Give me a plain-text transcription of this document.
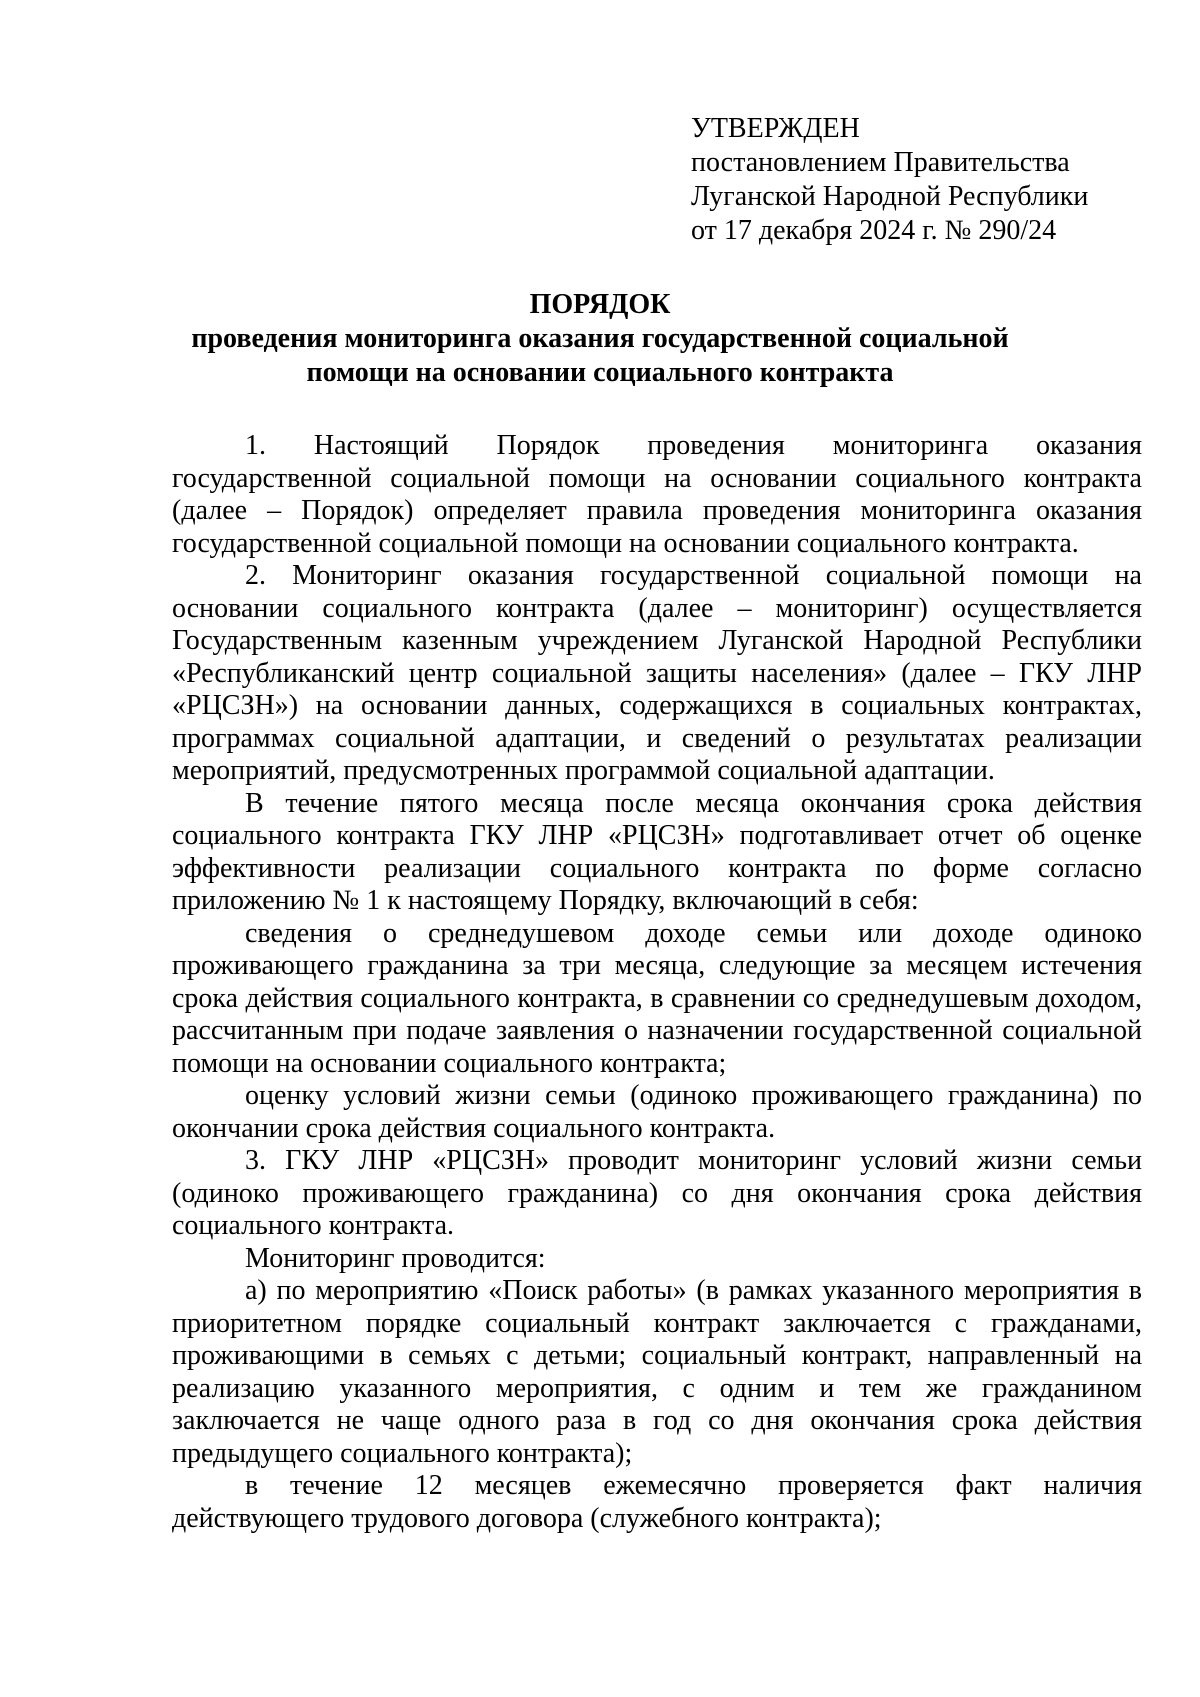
УТВЕРЖДЕН
постановлением Правительства
Луганской Народной Республики
от 17 декабря 2024 г. № 290/24
ПОРЯДОК
проведения мониторинга оказания государственной социальной
помощи на основании социального контракта

1. Настоящий Порядок проведения мониторинга оказания государственной социальной помощи на основании социального контракта (далее – Порядок) определяет правила проведения мониторинга оказания государственной социальной помощи на основании социального контракта.

2. Мониторинг оказания государственной социальной помощи на основании социального контракта (далее – мониторинг) осуществляется Государственным казенным учреждением Луганской Народной Республики «Республиканский центр социальной защиты населения» (далее – ГКУ ЛНР «РЦСЗН») на основании данных, содержащихся в социальных контрактах, программах социальной адаптации, и сведений о результатах реализации мероприятий, предусмотренных программой социальной адаптации.

В течение пятого месяца после месяца окончания срока действия социального контракта ГКУ ЛНР «РЦСЗН» подготавливает отчет об оценке эффективности реализации социального контракта по форме согласно приложению № 1 к настоящему Порядку, включающий в себя:

сведения о среднедушевом доходе семьи или доходе одиноко проживающего гражданина за три месяца, следующие за месяцем истечения срока действия социального контракта, в сравнении со среднедушевым доходом, рассчитанным при подаче заявления о назначении государственной социальной помощи на основании социального контракта;

оценку условий жизни семьи (одиноко проживающего гражданина) по окончании срока действия социального контракта.

3. ГКУ ЛНР «РЦСЗН» проводит мониторинг условий жизни семьи (одиноко проживающего гражданина) со дня окончания срока действия социального контракта.

Мониторинг проводится:

а) по мероприятию «Поиск работы» (в рамках указанного мероприятия в приоритетном порядке социальный контракт заключается с гражданами, проживающими в семьях с детьми; социальный контракт, направленный на реализацию указанного мероприятия, с одним и тем же гражданином заключается не чаще одного раза в год со дня окончания срока действия предыдущего социального контракта);

в течение 12 месяцев ежемесячно проверяется факт наличия действующего трудового договора (служебного контракта);
